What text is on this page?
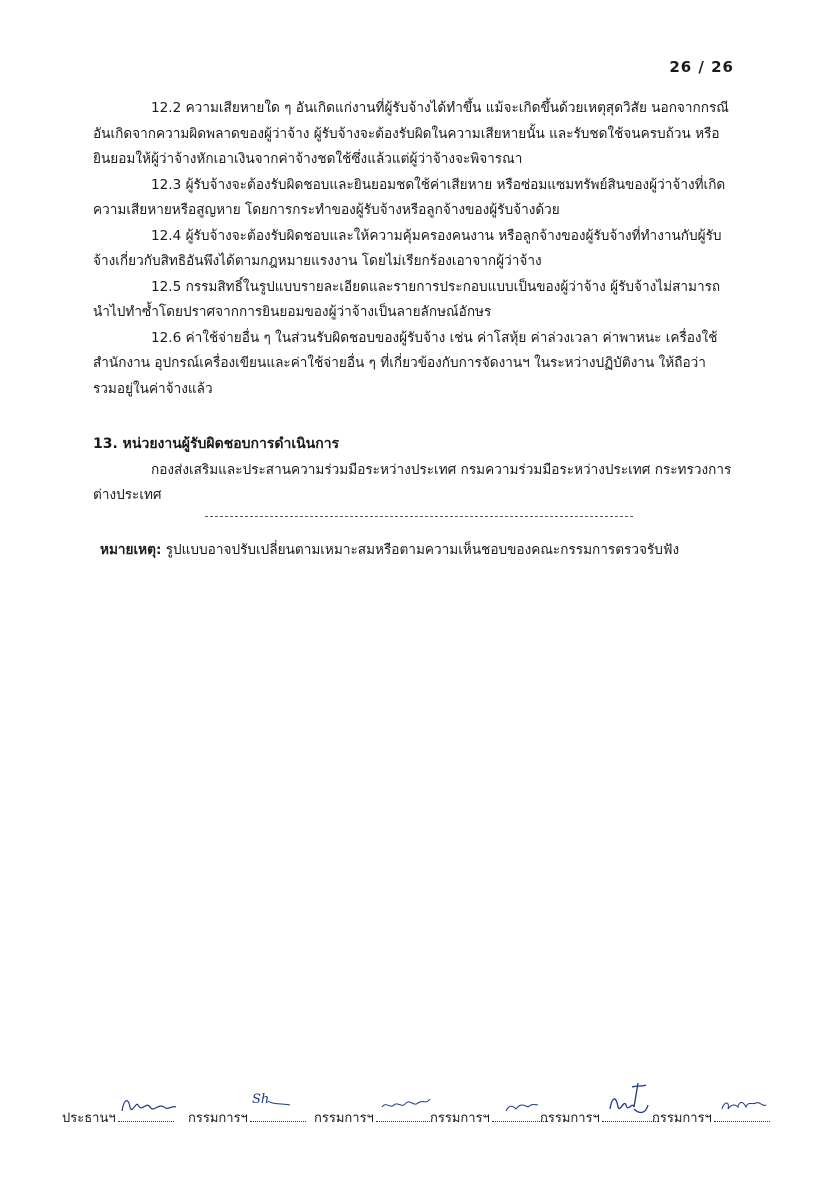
26 / 26

12.2 ความเสียหายใด ๆ อันเกิดแก่งานที่ผู้รับจ้างได้ทำขึ้น แม้จะเกิดขึ้นด้วยเหตุสุดวิสัย นอกจากกรณี อันเกิดจากความผิดพลาดของผู้ว่าจ้าง ผู้รับจ้างจะต้องรับผิดในความเสียหายนั้น และรับชดใช้จนครบถ้วน หรือยินยอมให้ผู้ว่าจ้างหักเอาเงินจากค่าจ้างชดใช้ซึ่งแล้วแต่ผู้ว่าจ้างจะพิจารณา

12.3 ผู้รับจ้างจะต้องรับผิดชอบและยินยอมชดใช้ค่าเสียหาย หรือซ่อมแซมทรัพย์สินของผู้ว่าจ้างที่เกิด ความเสียหายหรือสูญหาย โดยการกระทำของผู้รับจ้างหรือลูกจ้างของผู้รับจ้างด้วย

12.4 ผู้รับจ้างจะต้องรับผิดชอบและให้ความคุ้มครองคนงาน หรือลูกจ้างของผู้รับจ้างที่ทำงานกับผู้รับ จ้างเกี่ยวกับสิทธิอันพึงได้ตามกฎหมายแรงงาน โดยไม่เรียกร้องเอาจากผู้ว่าจ้าง

12.5 กรรมสิทธิ์ในรูปแบบรายละเอียดและรายการประกอบแบบเป็นของผู้ว่าจ้าง ผู้รับจ้างไม่สามารถ นำไปทำซ้ำโดยปราศจากการยินยอมของผู้ว่าจ้างเป็นลายลักษณ์อักษร

12.6 ค่าใช้จ่ายอื่น ๆ ในส่วนรับผิดชอบของผู้รับจ้าง เช่น ค่าโสหุ้ย ค่าล่วงเวลา ค่าพาหนะ เครื่องใช้ สำนักงาน อุปกรณ์เครื่องเขียนและค่าใช้จ่ายอื่น ๆ ที่เกี่ยวข้องกับการจัดงานฯ ในระหว่างปฏิบัติงาน ให้ถือว่า รวมอยู่ในค่าจ้างแล้ว

13. หน่วยงานผู้รับผิดชอบการดำเนินการ

กองส่งเสริมและประสานความร่วมมือระหว่างประเทศ กรมความร่วมมือระหว่างประเทศ กระทรวงการต่างประเทศ

หมายเหตุ: รูปแบบอาจปรับเปลี่ยนตามเหมาะสมหรือตามความเห็นชอบของคณะกรรมการตรวจรับฟัง
ประธานฯ	กรรมการฯ
Sh
กรรมการฯ	กรรมการฯ	กรรมการฯ	กรรมการฯ
